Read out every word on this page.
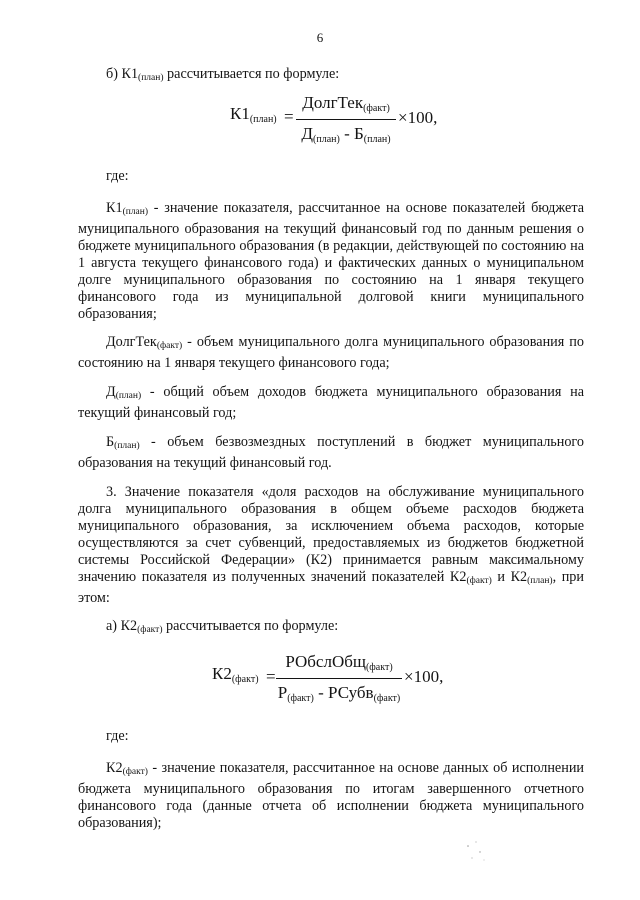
6
б) $К1_{(план)}$ рассчитывается по формуле:
$К1_{(план)}$ =
ДолгТек$_{(факт)}$
$Д_{(план)} - Б_{(план)}$
×100,
где:
$К1_{(план)}$ - значение показателя, рассчитанное на основе показателей бюджета муниципального образования на текущий финансовый год по данным решения о бюджете муниципального образования (в редакции, действующей по состоянию на 1 августа текущего финансового года) и фактических данных о муниципальном долге муниципального образования по состоянию на 1 января текущего финансового года из муниципальной долговой книги муниципального образования;
ДолгТек$_{(факт)}$ - объем муниципального долга муниципального образования по состоянию на 1 января текущего финансового года;
$Д_{(план)}$ - общий объем доходов бюджета муниципального образования на текущий финансовый год;
$Б_{(план)}$ - объем безвозмездных поступлений в бюджет муниципального образования на текущий финансовый год.
3. Значение показателя «доля расходов на обслуживание муниципального долга муниципального образования в общем объеме расходов бюджета муниципального образования, за исключением объема расходов, которые осуществляются за счет субвенций, предоставляемых из бюджетов бюджетной системы Российской Федерации» (К2) принимается равным максимальному значению показателя из полученных значений показателей $К2_{(факт)}$ и $К2_{(план)}$, при этом:
а) $К2_{(факт)}$ рассчитывается по формуле:
$К2_{(факт)}$ =
РОбслОбщ$_{(факт)}$
$Р_{(факт)}$ - РСубв$_{(факт)}$
×100,
где:
$К2_{(факт)}$ - значение показателя, рассчитанное на основе данных об исполнении бюджета муниципального образования по итогам завершенного отчетного финансового года (данные отчета об исполнении бюджета муниципального образования);
